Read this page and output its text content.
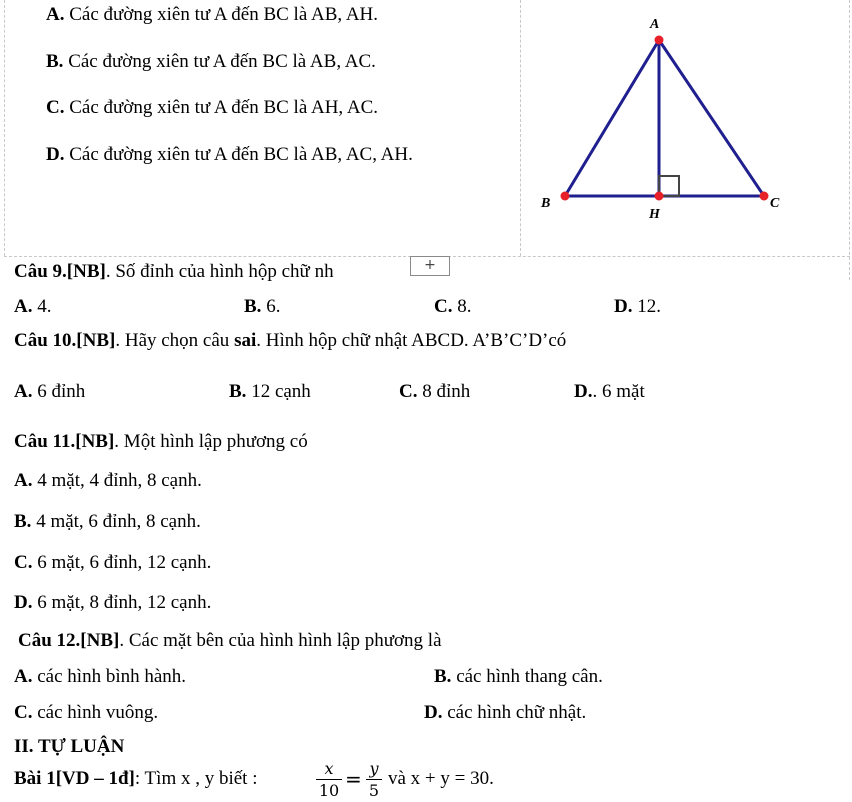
A. Các đường xiên tư A đến BC là AB, AH.
B. Các đường xiên tư A đến BC là AB, AC.
C. Các đường xiên tư A đến BC là AH, AC.
D. Các đường xiên tư A đến BC là AB, AC, AH.
A
B	C
H
Câu 9.[NB]. Số đỉnh của hình hộp chữ nh	+
A. 4.	B. 6.	C. 8.	D. 12.
Câu 10.[NB]. Hãy chọn câu sai. Hình hộp chữ nhật ABCD. A’B’C’D’có
A. 6 đỉnh	B. 12 cạnh	C. 8 đỉnh	D.. 6 mặt
Câu 11.[NB]. Một hình lập phương có
A. 4 mặt, 4 đỉnh, 8 cạnh.
B. 4 mặt, 6 đỉnh, 8 cạnh.
C. 6 mặt, 6 đỉnh, 12 cạnh.
D. 6 mặt, 8 đỉnh, 12 cạnh.
Câu 12.[NB]. Các mặt bên của hình hình lập phương là
A. các hình bình hành.	B. các hình thang cân.
C. các hình vuông.	D. các hình chữ nhật.
II. TỰ LUẬN
Bài 1[VD – 1đ]: Tìm x , y biết :	x
10 = y
5
và x + y = 30.
